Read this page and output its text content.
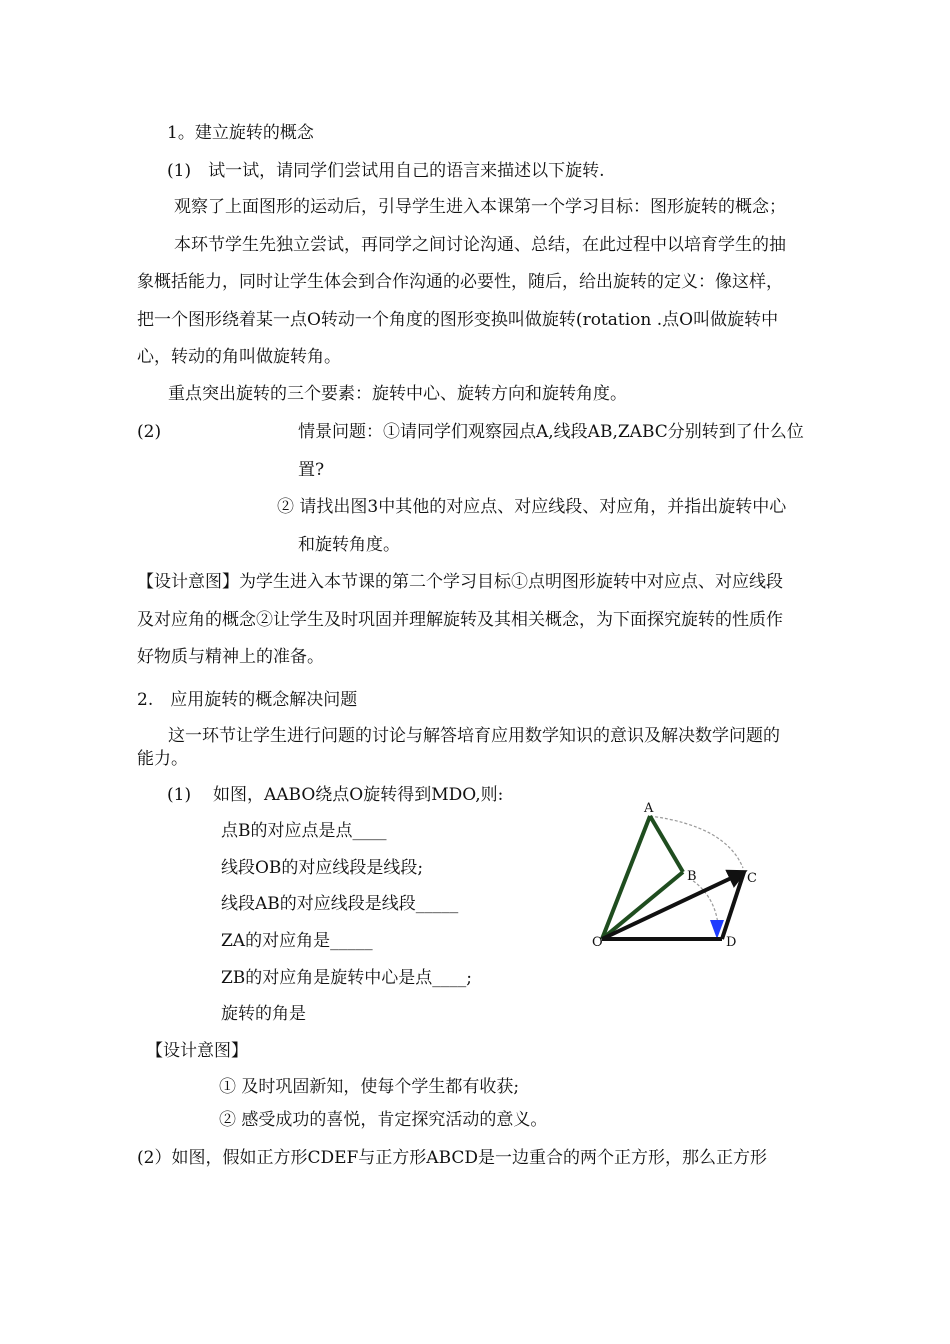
1。建立旋转的概念
(1)　试一试，请同学们尝试用自己的语言来描述以下旋转.
观察了上面图形的运动后，引导学生进入本课第一个学习目标：图形旋转的概念；
本环节学生先独立尝试，再同学之间讨论沟通、总结，在此过程中以培育学生的抽
象概括能力，同时让学生体会到合作沟通的必要性，随后，给出旋转的定义：像这样，
把一个图形绕着某一点O转动一个角度的图形变换叫做旋转(rotation .点O叫做旋转中
心，转动的角叫做旋转角。
重点突出旋转的三个要素：旋转中心、旋转方向和旋转角度。
(2)	情景问题：①请同学们观察园点A,线段AB,ZABC分别转到了什么位
置?
② 请找出图3中其他的对应点、对应线段、对应角，并指出旋转中心
和旋转角度。
【设计意图】为学生进入本节课的第二个学习目标①点明图形旋转中对应点、对应线段
及对应角的概念②让学生及时巩固并理解旋转及其相关概念，为下面探究旋转的性质作
好物质与精神上的准备。
2.　应用旋转的概念解决问题
这一环节让学生进行问题的讨论与解答培育应用数学知识的意识及解决数学问题的
能力。
(1) 如图，AABO绕点O旋转得到MDO,则:
点B的对应点是点____
线段OB的对应线段是线段;
线段AB的对应线段是线段_____
ZA的对应角是_____
ZB的对应角是旋转中心是点____;
旋转的角是
【设计意图】
① 及时巩固新知，使每个学生都有收获;
② 感受成功的喜悦，肯定探究活动的意义。
(2）如图，假如正方形CDEF与正方形ABCD是一边重合的两个正方形，那么正方形
A
B	C
D
O
